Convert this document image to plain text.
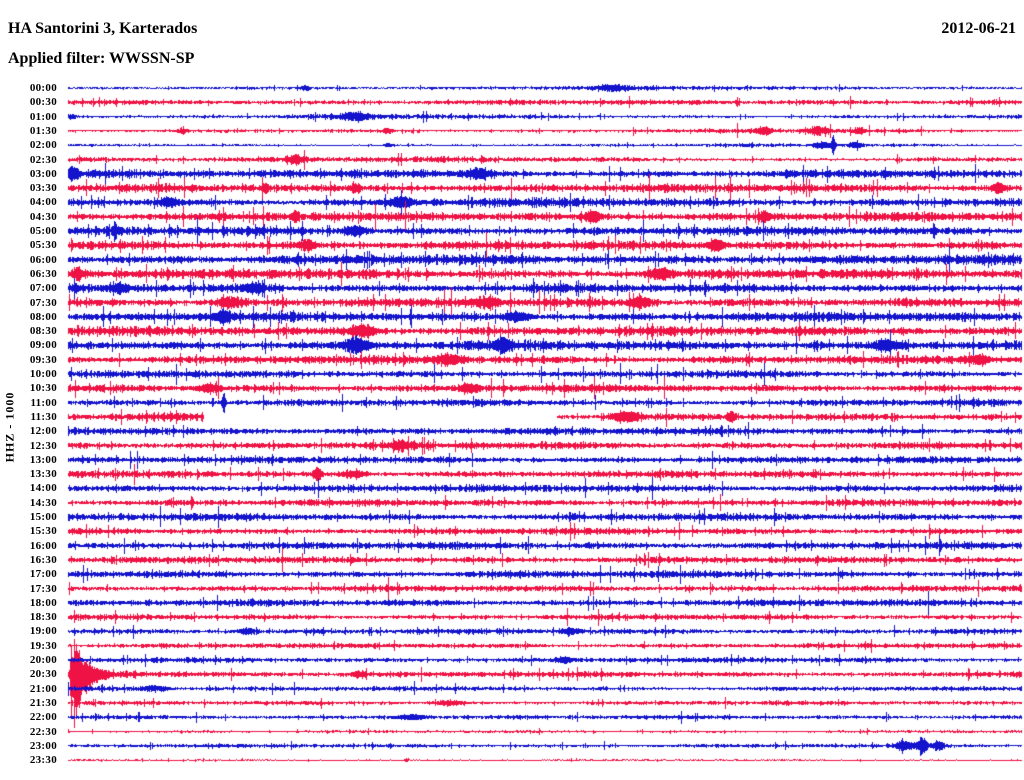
HA Santorini 3, Karterados	2012-06-21
Applied filter: WWSSN-SP
HHZ - 1000
00:00
00:30
01:00
01:30
02:00
02:30
03:00
03:30
04:00
04:30
05:00
05:30
06:00
06:30
07:00
07:30
08:00
08:30
09:00
09:30
10:00
10:30
11:00
11:30
12:00
12:30
13:00
13:30
14:00
14:30
15:00
15:30
16:00
16:30
17:00
17:30
18:00
18:30
19:00
19:30
20:00
20:30
21:00
21:30
22:00
22:30
23:00
23:30
